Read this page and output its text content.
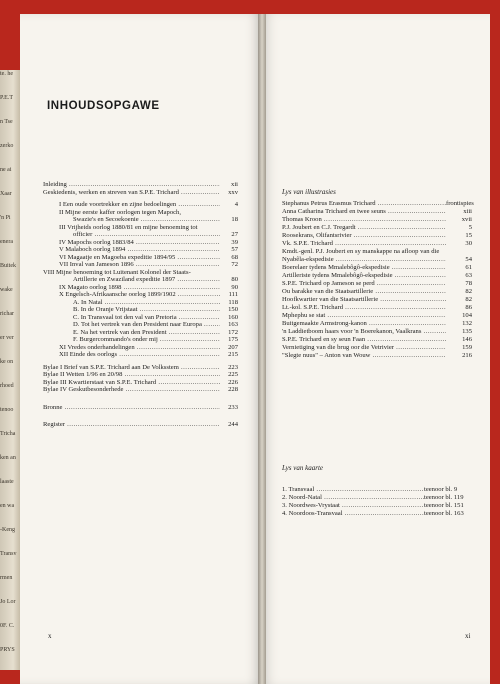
te. he
P.E.T
n Tse
zerko
ne ai
Xaar
'n Pi
enera
Buitek
wake
richar
er ver
ke on
rhoed
tenoo
Tricha
ken an
laaste
en wa
-Keng
Transv
rmen
Jo Lor
0F. C.
PRYS
INHOUDSOPGAWE
Inleiding .....	xii
Geskiedenis, werken en streven van S.P.E. Trichard .....	xxv
I Een oude voortrekker en zijne bedoelingen .....	4
II Mijne eerste kaffer oorlogen tegen Mapoch,
Swazie's en Secoekoenie .....	18
III Vrijheids oorlog 1880/81 en mijne benoeming tot
officier .....	27
IV Mapochs oorlog 1883/84 .....	39
V Malaboch oorlog 1894 .....	57
VI Magaatje en Magoeba expeditie 1894/95 .....	68
VII Inval van Jameson 1896 .....	72
VIII Mijne benoeming tot Luitenant Kolonel der Staats-
Artillerie en Zwaziland expeditie 1897 .....	80
IX Magato oorlog 1898 .....	90
X Engelsch-Afrikaansche oorlog 1899/1902 .....	111
A. In Natal .....	118
B. In de Oranje Vrijstaat .....	150
C. In Transvaal tot den val van Pretoria .....	160
D. Tot het vertrek van den President naar Europa .....	163
E. Na het vertrek van den President .....	172
F. Burgercommando's onder mij .....	175
XI Vredes onderhandelingen .....	207
XII Einde des oorlogs .....	215
Bylae I Brief van S.P.E. Trichard aan De Volksstem .....	223
Bylae II Wetten 1/96 en 20/98 .....	225
Bylae III Kwartierstaat van S.P.E. Trichard .....	226
Bylae IV Geskutbesonderhede .....	228
Bronne .....	233
Register .....	244
Lys van illustrasies
Stephanus Petrus Erasmus Trichard .....	frontispies
Anna Catharina Trichard en twee seuns .....	xiii
Thomas Kroon .....	xvii
P.J. Joubert en C.J. Tregardt .....	5
Roosekrans, Olifantsrivier .....	15
Vk. S.P.E. Trichard .....	30
Kmdt.-genl. P.J. Joubert en sy manskappe na afloop van die
Nyabêla-ekspedisie .....	54
Boerelaer tydens Mmalebôgô-ekspedisie .....	61
Artilleriste tydens Mmalebôgô-ekspedisie .....	63
S.P.E. Trichard op Jameson se perd .....	78
Ou barakke van die Staatsartillerie .....	82
Hoofkwartier van die Staatsartillerie .....	82
Lt.-kol. S.P.E. Trichard .....	86
Mphephu se stat .....	104
Buitgemaakte Armstrong-kanon .....	132
'n Laddietboom haars voor 'n Boerekanon, Vaalkrans .....	135
S.P.E. Trichard en sy seun Faan .....	146
Vernietiging van die brug oor die Vetrivier .....	159
"Slegte nuus" – Anton van Wouw .....	216
Lys van kaarte
1. Transvaal .....	teenoor bl. 9
2. Noord-Natal .....	teenoor bl. 119
3. Noordwes-Vrystaat .....	teenoor bl. 151
4. Noordoos-Transvaal .....	teenoor bl. 163
x	xi
